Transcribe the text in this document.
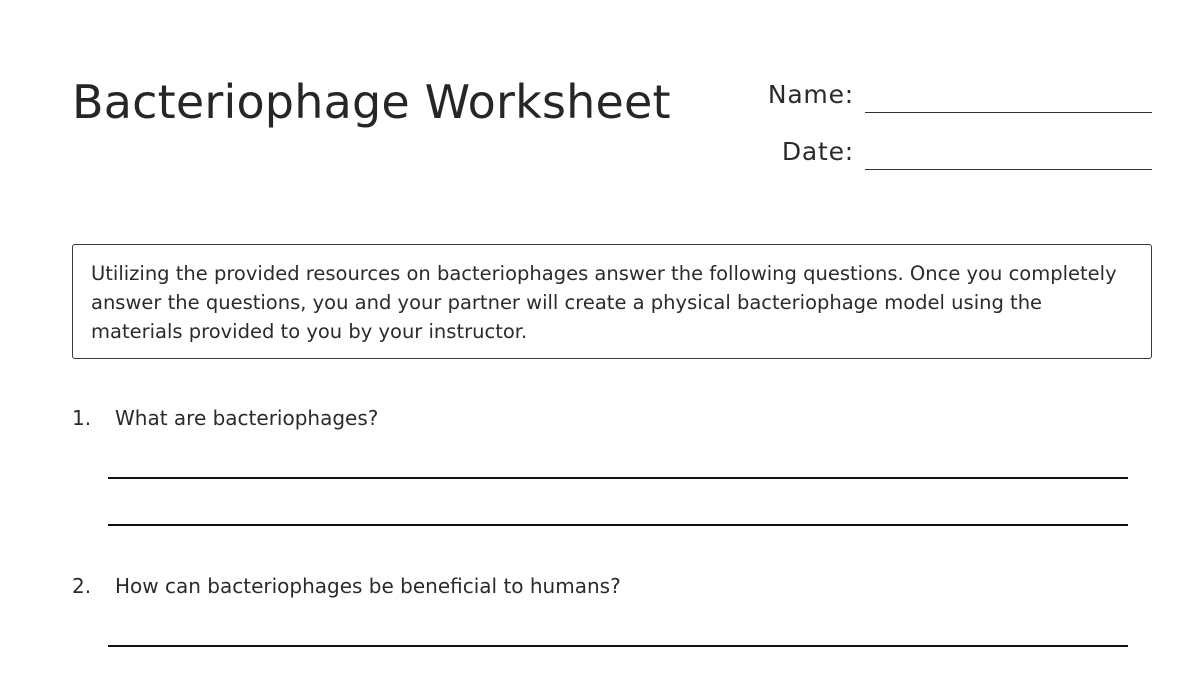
Bacteriophage Worksheet	Name:
Date:
Utilizing the provided resources on bacteriophages answer the following questions. Once you completely answer the questions, you and your partner will create a physical bacteriophage model using the materials provided to you by your instructor.
1. What are bacteriophages?
2. How can bacteriophages be beneficial to humans?
